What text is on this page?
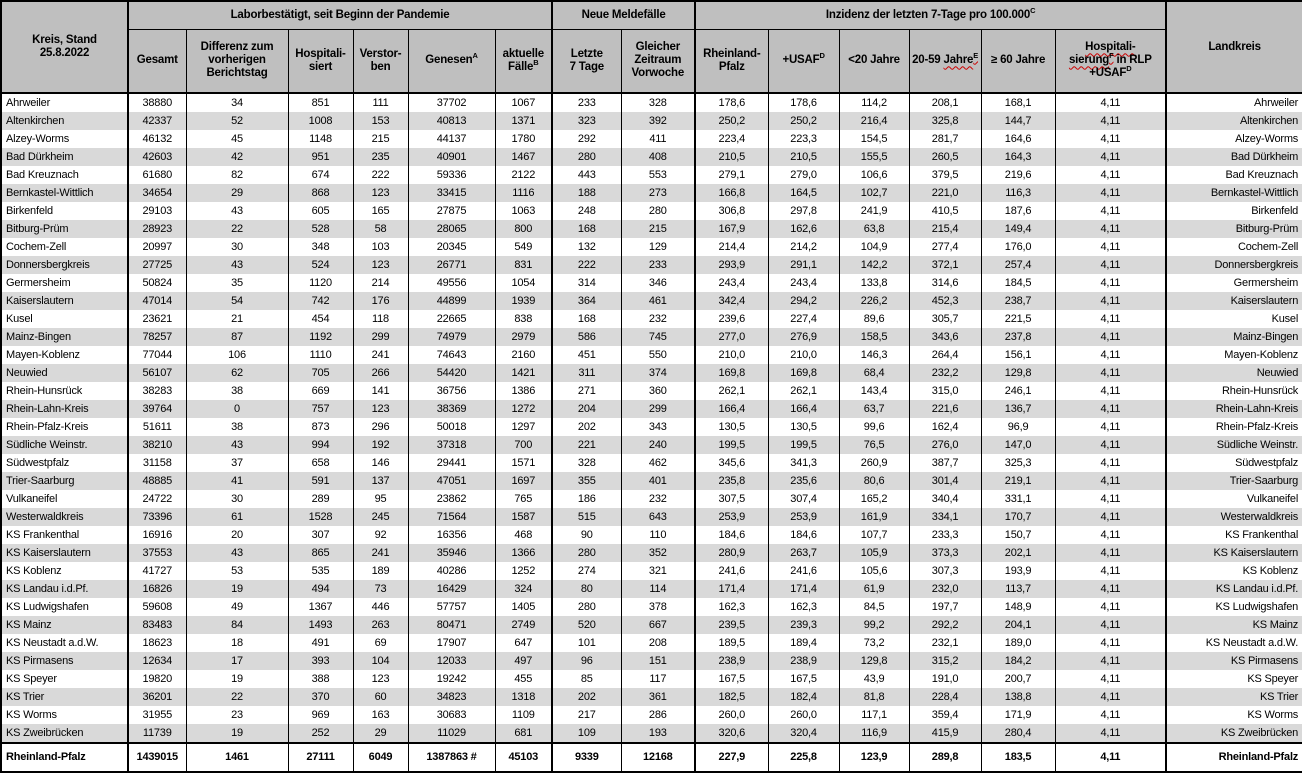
Kreis, Stand
25.8.2022	Laborbestätigt, seit Beginn der Pandemie						Neue Meldefälle		Inzidenz der letzten 7-Tage pro $100.000^C$						Landkreis
	Gesamt	Differenz zum
vorherigen
Berichtstag	Hospitali-
siert	Verstor-
ben	Genesen$^A$	aktuelle
Fälle$^B$	Letzte
7 Tage	Gleicher
Zeitraum
Vorwoche	Rheinland-
Pfalz	$+USAF^D$	<20 Jahre	20-59 Jahre$^E$	≥ 60 Jahre	Hospitali-
sierung$^F$ in RLP
$+USAF^D$
Ahrweiler	38880	34	851	111	37702	1067	233	328	178,6	178,6	114,2	208,1	168,1	4,11	Ahrweiler
Altenkirchen	42337	52	1008	153	40813	1371	323	392	250,2	250,2	216,4	325,8	144,7	4,11	Altenkirchen
Alzey-Worms	46132	45	1148	215	44137	1780	292	411	223,4	223,3	154,5	281,7	164,6	4,11	Alzey-Worms
Bad Dürkheim	42603	42	951	235	40901	1467	280	408	210,5	210,5	155,5	260,5	164,3	4,11	Bad Dürkheim
Bad Kreuznach	61680	82	674	222	59336	2122	443	553	279,1	279,0	106,6	379,5	219,6	4,11	Bad Kreuznach
Bernkastel-Wittlich	34654	29	868	123	33415	1116	188	273	166,8	164,5	102,7	221,0	116,3	4,11	Bernkastel-Wittlich
Birkenfeld	29103	43	605	165	27875	1063	248	280	306,8	297,8	241,9	410,5	187,6	4,11	Birkenfeld
Bitburg-Prüm	28923	22	528	58	28065	800	168	215	167,9	162,6	63,8	215,4	149,4	4,11	Bitburg-Prüm
Cochem-Zell	20997	30	348	103	20345	549	132	129	214,4	214,2	104,9	277,4	176,0	4,11	Cochem-Zell
Donnersbergkreis	27725	43	524	123	26771	831	222	233	293,9	291,1	142,2	372,1	257,4	4,11	Donnersbergkreis
Germersheim	50824	35	1120	214	49556	1054	314	346	243,4	243,4	133,8	314,6	184,5	4,11	Germersheim
Kaiserslautern	47014	54	742	176	44899	1939	364	461	342,4	294,2	226,2	452,3	238,7	4,11	Kaiserslautern
Kusel	23621	21	454	118	22665	838	168	232	239,6	227,4	89,6	305,7	221,5	4,11	Kusel
Mainz-Bingen	78257	87	1192	299	74979	2979	586	745	277,0	276,9	158,5	343,6	237,8	4,11	Mainz-Bingen
Mayen-Koblenz	77044	106	1110	241	74643	2160	451	550	210,0	210,0	146,3	264,4	156,1	4,11	Mayen-Koblenz
Neuwied	56107	62	705	266	54420	1421	311	374	169,8	169,8	68,4	232,2	129,8	4,11	Neuwied
Rhein-Hunsrück	38283	38	669	141	36756	1386	271	360	262,1	262,1	143,4	315,0	246,1	4,11	Rhein-Hunsrück
Rhein-Lahn-Kreis	39764	0	757	123	38369	1272	204	299	166,4	166,4	63,7	221,6	136,7	4,11	Rhein-Lahn-Kreis
Rhein-Pfalz-Kreis	51611	38	873	296	50018	1297	202	343	130,5	130,5	99,6	162,4	96,9	4,11	Rhein-Pfalz-Kreis
Südliche Weinstr.	38210	43	994	192	37318	700	221	240	199,5	199,5	76,5	276,0	147,0	4,11	Südliche Weinstr.
Südwestpfalz	31158	37	658	146	29441	1571	328	462	345,6	341,3	260,9	387,7	325,3	4,11	Südwestpfalz
Trier-Saarburg	48885	41	591	137	47051	1697	355	401	235,8	235,6	80,6	301,4	219,1	4,11	Trier-Saarburg
Vulkaneifel	24722	30	289	95	23862	765	186	232	307,5	307,4	165,2	340,4	331,1	4,11	Vulkaneifel
Westerwaldkreis	73396	61	1528	245	71564	1587	515	643	253,9	253,9	161,9	334,1	170,7	4,11	Westerwaldkreis
KS Frankenthal	16916	20	307	92	16356	468	90	110	184,6	184,6	107,7	233,3	150,7	4,11	KS Frankenthal
KS Kaiserslautern	37553	43	865	241	35946	1366	280	352	280,9	263,7	105,9	373,3	202,1	4,11	KS Kaiserslautern
KS Koblenz	41727	53	535	189	40286	1252	274	321	241,6	241,6	105,6	307,3	193,9	4,11	KS Koblenz
KS Landau i.d.Pf.	16826	19	494	73	16429	324	80	114	171,4	171,4	61,9	232,0	113,7	4,11	KS Landau i.d.Pf.
KS Ludwigshafen	59608	49	1367	446	57757	1405	280	378	162,3	162,3	84,5	197,7	148,9	4,11	KS Ludwigshafen
KS Mainz	83483	84	1493	263	80471	2749	520	667	239,5	239,3	99,2	292,2	204,1	4,11	KS Mainz
KS Neustadt a.d.W.	18623	18	491	69	17907	647	101	208	189,5	189,4	73,2	232,1	189,0	4,11	KS Neustadt a.d.W.
KS Pirmasens	12634	17	393	104	12033	497	96	151	238,9	238,9	129,8	315,2	184,2	4,11	KS Pirmasens
KS Speyer	19820	19	388	123	19242	455	85	117	167,5	167,5	43,9	191,0	200,7	4,11	KS Speyer
KS Trier	36201	22	370	60	34823	1318	202	361	182,5	182,4	81,8	228,4	138,8	4,11	KS Trier
KS Worms	31955	23	969	163	30683	1109	217	286	260,0	260,0	117,1	359,4	171,9	4,11	KS Worms
KS Zweibrücken	11739	19	252	29	11029	681	109	193	320,6	320,4	116,9	415,9	280,4	4,11	KS Zweibrücken
Rheinland-Pfalz	1439015	1461	27111	6049	1387863 #	45103	9339	12168	227,9	225,8	123,9	289,8	183,5	4,11	Rheinland-Pfalz
